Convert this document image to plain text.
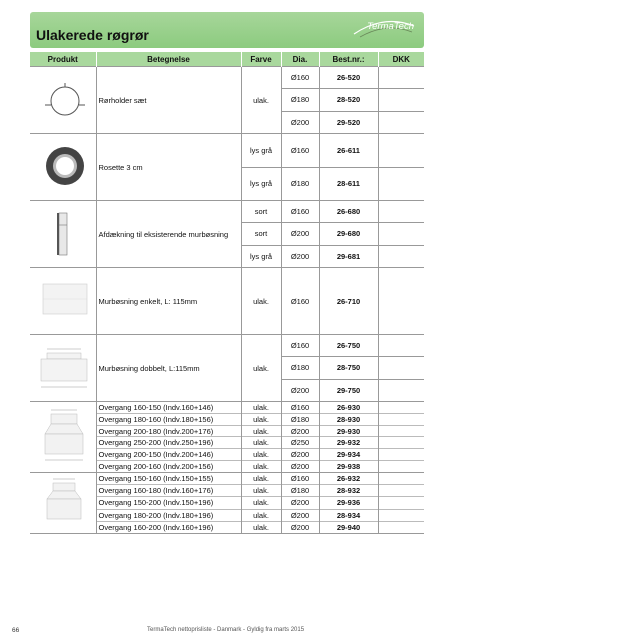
Ulakerede røgrør
TermaTech
Produkt	Betegnelse	Farve	Dia.	Best.nr.:	DKK
	Rørholder sæt	ulak.	Ø160	26-520	
			Ø180	28-520	
			Ø200	29-520	
	Rosette 3 cm	lys grå	Ø160	26-611	
		lys grå	Ø180	28-611	
	Afdækning til eksisterende murbøsning	sort	Ø160	26-680	
		sort	Ø200	29-680	
		lys grå	Ø200	29-681	
	Murbøsning enkelt, L: 115mm	ulak.	Ø160	26-710	
	Murbøsning dobbelt, L:115mm	ulak.	Ø160	26-750	
			Ø180	28-750	
			Ø200	29-750	
	Overgang 160-150 (Indv.160+146)	ulak.	Ø160	26-930	
	Overgang 180-160 (Indv.180+156)	ulak.	Ø180	28-930	
	Overgang 200-180 (Indv.200+176)	ulak.	Ø200	29-930	
	Overgang 250-200 (Indv.250+196)	ulak.	Ø250	29-932	
	Overgang 200-150 (Indv.200+146)	ulak.	Ø200	29-934	
	Overgang 200-160 (Indv.200+156)	ulak.	Ø200	29-938	
	Overgang 150-160 (Indv.150+155)	ulak.	Ø160	26-932	
	Overgang 160-180 (Indv.160+176)	ulak.	Ø180	28-932	
	Overgang 150-200 (Indv.150+196)	ulak.	Ø200	29-936	
	Overgang 180-200 (Indv.180+196)	ulak.	Ø200	28-934	
	Overgang 160-200 (Indv.160+196)	ulak.	Ø200	29-940	
66	TermaTech nettoprisliste - Danmark - Gyldig fra marts 2015
